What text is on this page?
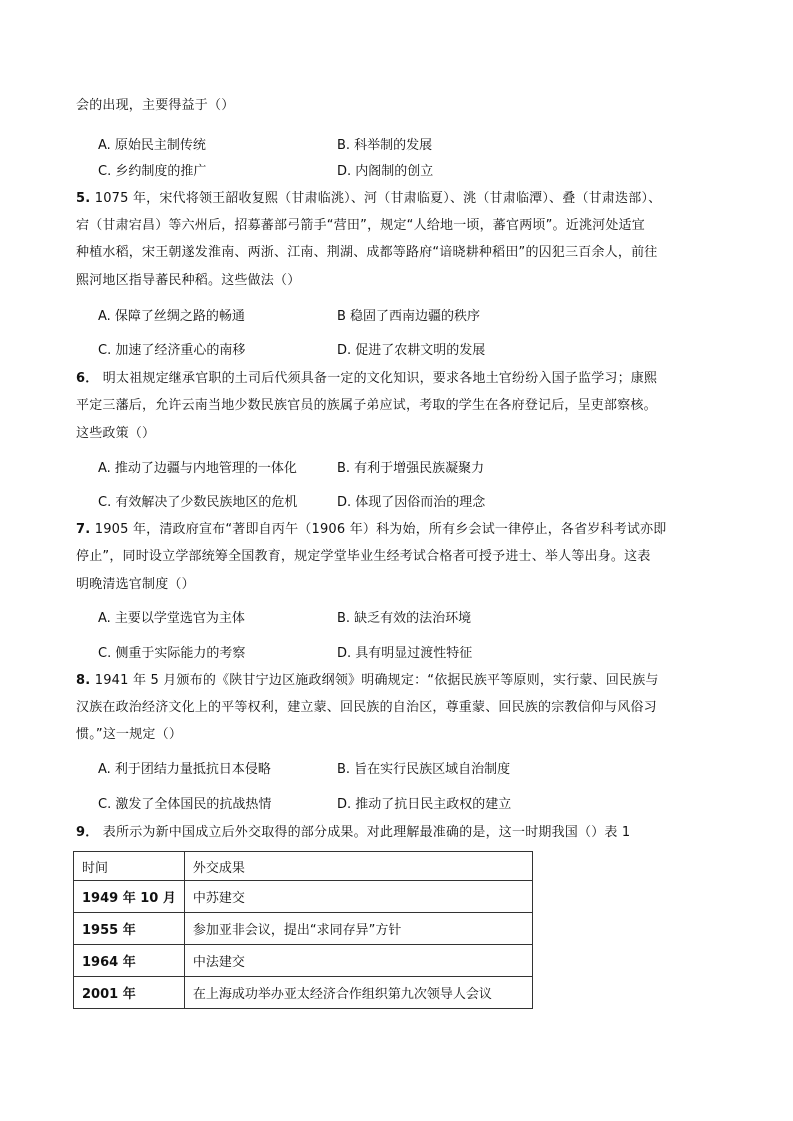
会的出现，主要得益于（）
A. 原始民主制传统	B. 科举制的发展
C. 乡约制度的推广	D. 内阁制的创立
5. 1075 年，宋代将领王韶收复熙（甘肃临洮）、河（甘肃临夏）、洮（甘肃临潭）、叠（甘肃迭部）、
宕（甘肃宕昌）等六州后，招募蕃部弓箭手“营田”，规定“人给地一顷，蕃官两顷”。近洮河处适宜
种植水稻，宋王朝遂发淮南、两浙、江南、荆湖、成都等路府“谙晓耕种稻田”的囚犯三百余人，前往
熙河地区指导蕃民种稻。这些做法（）
A. 保障了丝绸之路的畅通	B 稳固了西南边疆的秩序
C. 加速了经济重心的南移	D. 促进了农耕文明的发展
6． 明太祖规定继承官职的土司后代须具备一定的文化知识，要求各地土官纷纷入国子监学习；康熙
平定三藩后，允许云南当地少数民族官员的族属子弟应试，考取的学生在各府登记后，呈吏部察核。
这些政策（）
A. 推动了边疆与内地管理的一体化	B. 有利于增强民族凝聚力
C. 有效解决了少数民族地区的危机	D. 体现了因俗而治的理念
7. 1905 年，清政府宣布“著即自丙午（1906 年）科为始，所有乡会试一律停止，各省岁科考试亦即
停止”，同时设立学部统筹全国教育，规定学堂毕业生经考试合格者可授予进士、举人等出身。这表
明晚清选官制度（）
A. 主要以学堂选官为主体	B. 缺乏有效的法治环境
C. 侧重于实际能力的考察	D. 具有明显过渡性特征
8. 1941 年 5 月颁布的《陕甘宁边区施政纲领》明确规定：“依据民族平等原则，实行蒙、回民族与
汉族在政治经济文化上的平等权利，建立蒙、回民族的自治区，尊重蒙、回民族的宗教信仰与风俗习
惯。”这一规定（）
A. 利于团结力量抵抗日本侵略	B. 旨在实行民族区域自治制度
C. 激发了全体国民的抗战热情	D. 推动了抗日民主政权的建立
9． 表所示为新中国成立后外交取得的部分成果。对此理解最准确的是，这一时期我国（）表 1
时间	外交成果
1949 年 10 月	中苏建交
1955 年	参加亚非会议，提出“求同存异”方针
1964 年	中法建交
2001 年	在上海成功举办亚太经济合作组织第九次领导人会议
